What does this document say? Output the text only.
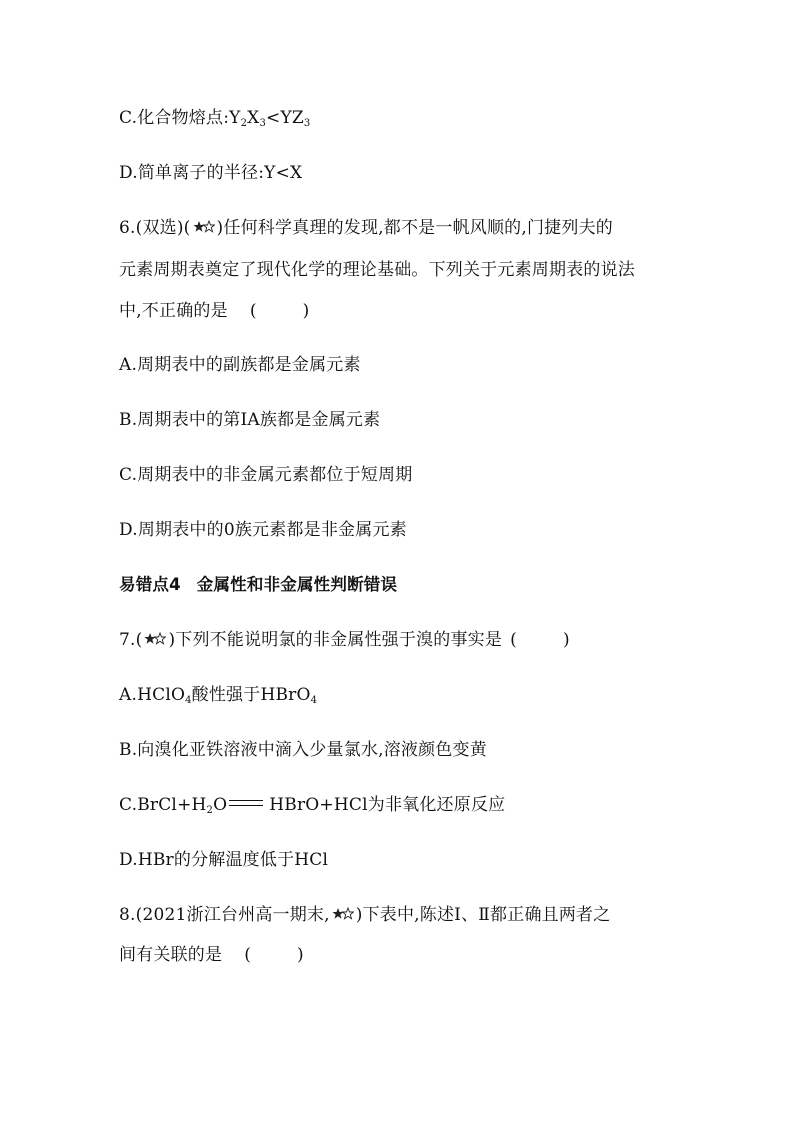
C.化合物熔点$:Y_2X_3<YZ_3$
D.简单离子的半径:Y<X
6.(双选)( )任何科学真理的发现,都不是一帆风顺的,门捷列夫的
元素周期表奠定了现代化学的理论基础。下列关于元素周期表的说法
中,不正确的是 (	)
A.周期表中的副族都是金属元素
B.周期表中的第ⅠA族都是金属元素
C.周期表中的非金属元素都位于短周期
D.周期表中的0族元素都是非金属元素
易错点4 金属性和非金属性判断错误
7.( )下列不能说明氯的非金属性强于溴的事实是 (	)
A.HClO$_4$酸性强于HBrO$_4$
B.向溴化亚铁溶液中滴入少量氯水,溶液颜色变黄
$C.BrCl+H_2O$ HBrO+HCl为非氧化还原反应
D.HBr的分解温度低于HCl
8.(2021浙江台州高一期末, )下表中,陈述Ⅰ、Ⅱ都正确且两者之
间有关联的是 (	)
